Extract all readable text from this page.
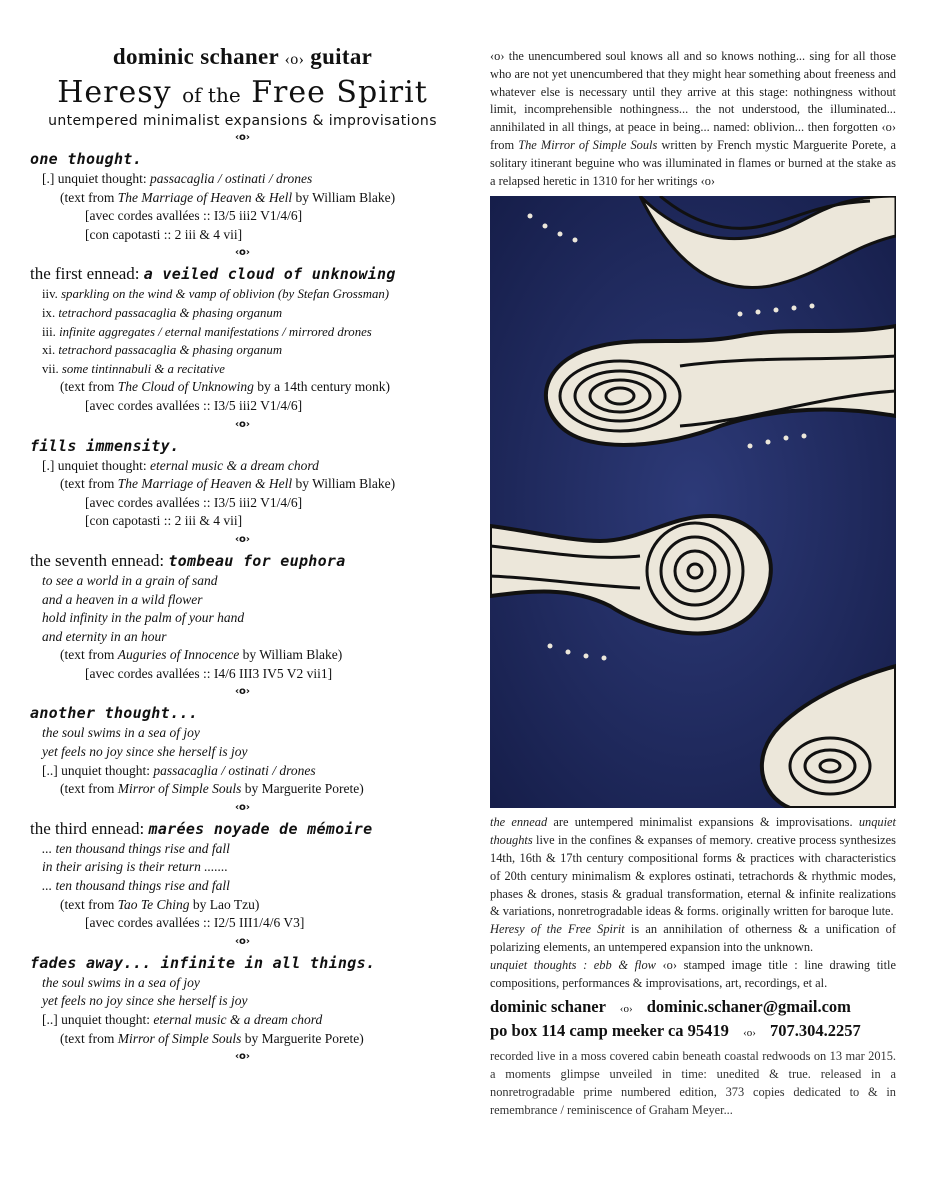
dominic schaner ‹o› guitar
Heresy of the Free Spirit
untempered minimalist expansions & improvisations
‹o›
one thought.
[.] unquiet thought: passacaglia / ostinati / drones
(text from The Marriage of Heaven & Hell by William Blake)
[avec cordes avallées :: I3/5 iii2 V1/4/6]
[con capotasti :: 2 iii & 4 vii]
‹o›
the first ennead: a veiled cloud of unknowing
iiv. sparkling on the wind & vamp of oblivion (by Stefan Grossman)
ix. tetrachord passacaglia & phasing organum
iii. infinite aggregates / eternal manifestations / mirrored drones
xi. tetrachord passacaglia & phasing organum
vii. some tintinnabuli & a recitative
(text from The Cloud of Unknowing by a 14th century monk)
[avec cordes avallées :: I3/5 iii2 V1/4/6]
‹o›
fills immensity.
[.] unquiet thought: eternal music & a dream chord
(text from The Marriage of Heaven & Hell by William Blake)
[avec cordes avallées :: I3/5 iii2 V1/4/6]
[con capotasti :: 2 iii & 4 vii]
‹o›
the seventh ennead: tombeau for euphora
to see a world in a grain of sand
and a heaven in a wild flower
hold infinity in the palm of your hand
and eternity in an hour
(text from Auguries of Innocence by William Blake)
[avec cordes avallées :: I4/6 III3 IV5 V2 vii1]
‹o›
another thought...
the soul swims in a sea of joy
yet feels no joy since she herself is joy
[..] unquiet thought: passacaglia / ostinati / drones
(text from Mirror of Simple Souls by Marguerite Porete)
‹o›
the third ennead: marées noyade de mémoire
... ten thousand things rise and fall
in their arising is their return .......
... ten thousand things rise and fall
(text from Tao Te Ching by Lao Tzu)
[avec cordes avallées :: I2/5 III1/4/6 V3]
‹o›
fades away... infinite in all things.
the soul swims in a sea of joy
yet feels no joy since she herself is joy
[..] unquiet thought: eternal music & a dream chord
(text from Mirror of Simple Souls by Marguerite Porete)
‹o›
‹o› the unencumbered soul knows all and so knows nothing... sing for all those who are not yet unencumbered that they might hear something about freeness and whatever else is necessary until they arrive at this stage: nothingness without limit, incomprehensible nothingness... the not understood, the illuminated... annihilated in all things, at peace in being... named: oblivion... then forgotten ‹o› from The Mirror of Simple Souls written by French mystic Marguerite Porete, a solitary itinerant beguine who was illuminated in flames or burned at the stake as a relapsed heretic in 1310 for her writings ‹o›
the ennead are untempered minimalist expansions & improvisations. unquiet thoughts live in the confines & expanses of memory. creative process synthesizes 14th, 16th & 17th century compositional forms & practices with characteristics of 20th century minimalism & explores ostinati, tetrachords & rhythmic modes, phases & drones, stasis & gradual transformation, eternal & infinite realizations & variations, nonretrogradable ideas & forms. originally written for baroque lute.
Heresy of the Free Spirit is an annihilation of otherness & a unification of polarizing elements, an untempered expansion into the unknown.
unquiet thoughts : ebb & flow ‹o› stamped image title : line drawing title compositions, performances & improvisations, art, recordings, et al.
dominic schaner ‹o› dominic.schaner@gmail.com
po box 114 camp meeker ca 95419 ‹o› 707.304.2257
recorded live in a moss covered cabin beneath coastal redwoods on 13 mar 2015. a moments glimpse unveiled in time: unedited & true. released in a nonretrogradable prime numbered edition, 373 copies dedicated to & in remembrance / reminiscence of Graham Meyer...
